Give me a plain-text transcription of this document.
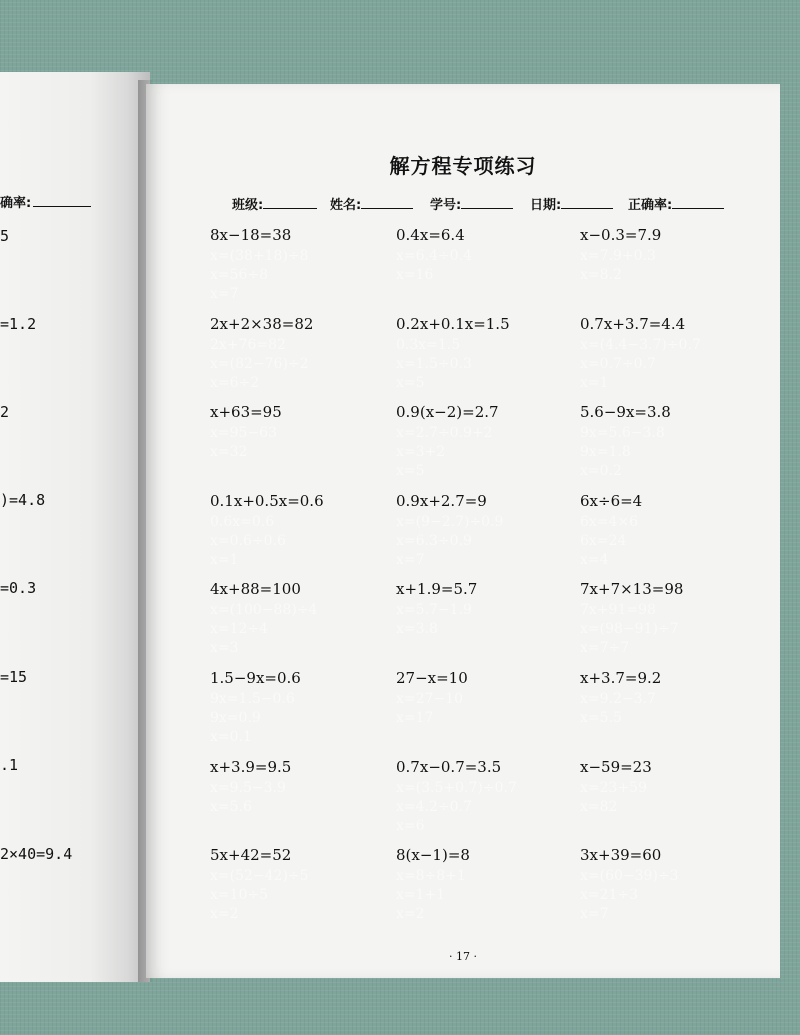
确率:
5
=1.2
2
)=4.8
=0.3
=15
.1
2×40=9.4
解方程专项练习
班级:	姓名:	学号:	日期:	正确率:
8x−18=38
x=(38+18)÷8
x=56÷8
x=7
0.4x=6.4
x=6.4÷0.4
x=16
x−0.3=7.9
x=7.9+0.3
x=8.2
2x+2×38=82
2x+76=82
x=(82−76)÷2
x=6÷2
0.2x+0.1x=1.5
0.3x=1.5
x=1.5÷0.3
x=5
0.7x+3.7=4.4
x=(4.4−3.7)÷0.7
x=0.7÷0.7
x=1
x+63=95
x=95−63
x=32
0.9(x−2)=2.7
x=2.7÷0.9+2
x=3+2
x=5
5.6−9x=3.8
9x=5.6−3.8
9x=1.8
x=0.2
0.1x+0.5x=0.6
0.6x=0.6
x=0.6÷0.6
x=1
0.9x+2.7=9
x=(9−2.7)÷0.9
x=6.3÷0.9
x=7
6x÷6=4
6x=4×6
6x=24
x=4
4x+88=100
x=(100−88)÷4
x=12÷4
x=3
x+1.9=5.7
x=5.7−1.9
x=3.8
7x+7×13=98
7x+91=98
x=(98−91)÷7
x=7÷7
1.5−9x=0.6
9x=1.5−0.6
9x=0.9
x=0.1
27−x=10
x=27−10
x=17
x+3.7=9.2
x=9.2−3.7
x=5.5
x+3.9=9.5
x=9.5−3.9
x=5.6
0.7x−0.7=3.5
x=(3.5+0.7)÷0.7
x=4.2÷0.7
x=6
x−59=23
x=23+59
x=82
5x+42=52
x=(52−42)÷5
x=10÷5
x=2
8(x−1)=8
x=8÷8+1
x=1+1
x=2
3x+39=60
x=(60−39)÷3
x=21÷3
x=7
· 17 ·
